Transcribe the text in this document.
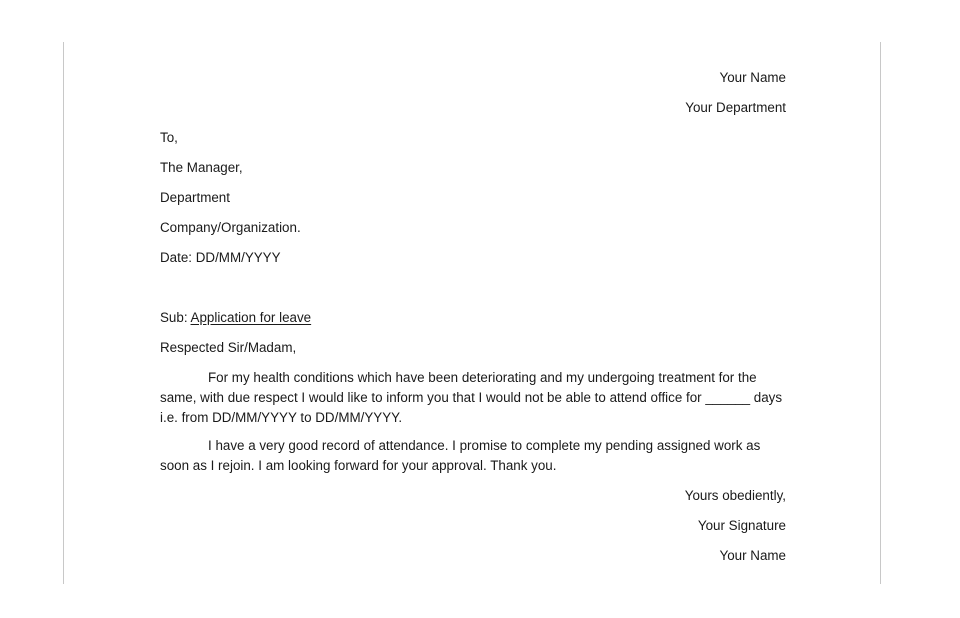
Your Name
Your Department
To,
The Manager,
Department
Company/Organization.
Date: DD/MM/YYYY
Sub: Application for leave
Respected Sir/Madam,
For my health conditions which have been deteriorating and my undergoing treatment for the same, with due respect I would like to inform you that I would not be able to attend office for ______ days i.e. from DD/MM/YYYY to DD/MM/YYYY.
I have a very good record of attendance. I promise to complete my pending assigned work as soon as I rejoin. I am looking forward for your approval. Thank you.
Yours obediently,
Your Signature
Your Name
